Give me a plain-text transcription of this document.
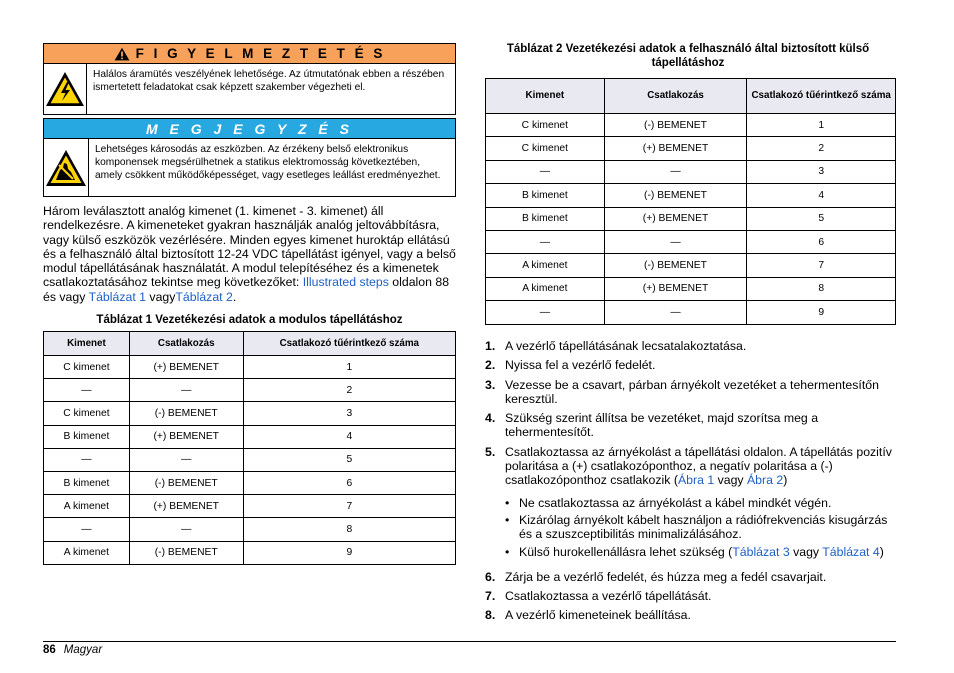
F I G Y E L M E Z T E T É S
Halálos áramütés veszélyének lehetősége. Az útmutatónak ebben a részében ismertetett feladatokat csak képzett szakember végezheti el.
M E G J E G Y Z É S
Lehetséges károsodás az eszközben. Az érzékeny belső elektronikus komponensek megsérülhetnek a statikus elektromosság következtében, amely csökkent működőképességet, vagy esetleges leállást eredményezhet.
Három leválasztott analóg kimenet (1. kimenet - 3. kimenet) áll rendelkezésre. A kimeneteket gyakran használják analóg jeltovábbításra, vagy külső eszközök vezérlésére. Minden egyes kimenet huroktáp ellátású és a felhasználó által biztosított 12-24 VDC tápellátást igényel, vagy a belső modul tápellátásának használatát. A modul telepítéséhez és a kimenetek csatlakoztatásához tekintse meg következőket: Illustrated steps oldalon 88 és vagy Táblázat 1 vagyTáblázat 2.
Táblázat 1 Vezetékezési adatok a modulos tápellátáshoz
Kimenet	Csatlakozás	Csatlakozó tűérintkező száma
C kimenet	(+) BEMENET	1
—	—	2
C kimenet	(-) BEMENET	3
B kimenet	(+) BEMENET	4
—	—	5
B kimenet	(-) BEMENET	6
A kimenet	(+) BEMENET	7
—	—	8
A kimenet	(-) BEMENET	9
Táblázat 2 Vezetékezési adatok a felhasználó által biztosított külső tápellátáshoz
Kimenet	Csatlakozás	Csatlakozó tűérintkező száma
C kimenet	(-) BEMENET	1
C kimenet	(+) BEMENET	2
—	—	3
B kimenet	(-) BEMENET	4
B kimenet	(+) BEMENET	5
—	—	6
A kimenet	(-) BEMENET	7
A kimenet	(+) BEMENET	8
—	—	9
1. A vezérlő tápellátásának lecsatalakoztatása.
2. Nyissa fel a vezérlő fedelét.
3. Vezesse be a csavart, párban árnyékolt vezetéket a tehermentesítőn keresztül.
4. Szükség szerint állítsa be vezetéket, majd szorítsa meg a tehermentesítőt.
5. Csatlakoztassa az árnyékolást a tápellátási oldalon. A tápellátás pozitív polaritása a (+) csatlakozóponthoz, a negatív polaritása a (-) csatlakozóponthoz csatlakozik (Ábra 1 vagy Ábra 2)
• Ne csatlakoztassa az árnyékolást a kábel mindkét végén.
• Kizárólag árnyékolt kábelt használjon a rádiófrekvenciás kisugárzás és a szuszceptibilitás minimalizálásához.
• Külső hurokellenállásra lehet szükség (Táblázat 3 vagy Táblázat 4)
6. Zárja be a vezérlő fedelét, és húzza meg a fedél csavarjait.
7. Csatlakoztassa a vezérlő tápellátását.
8. A vezérlő kimeneteinek beállítása.
86 Magyar
